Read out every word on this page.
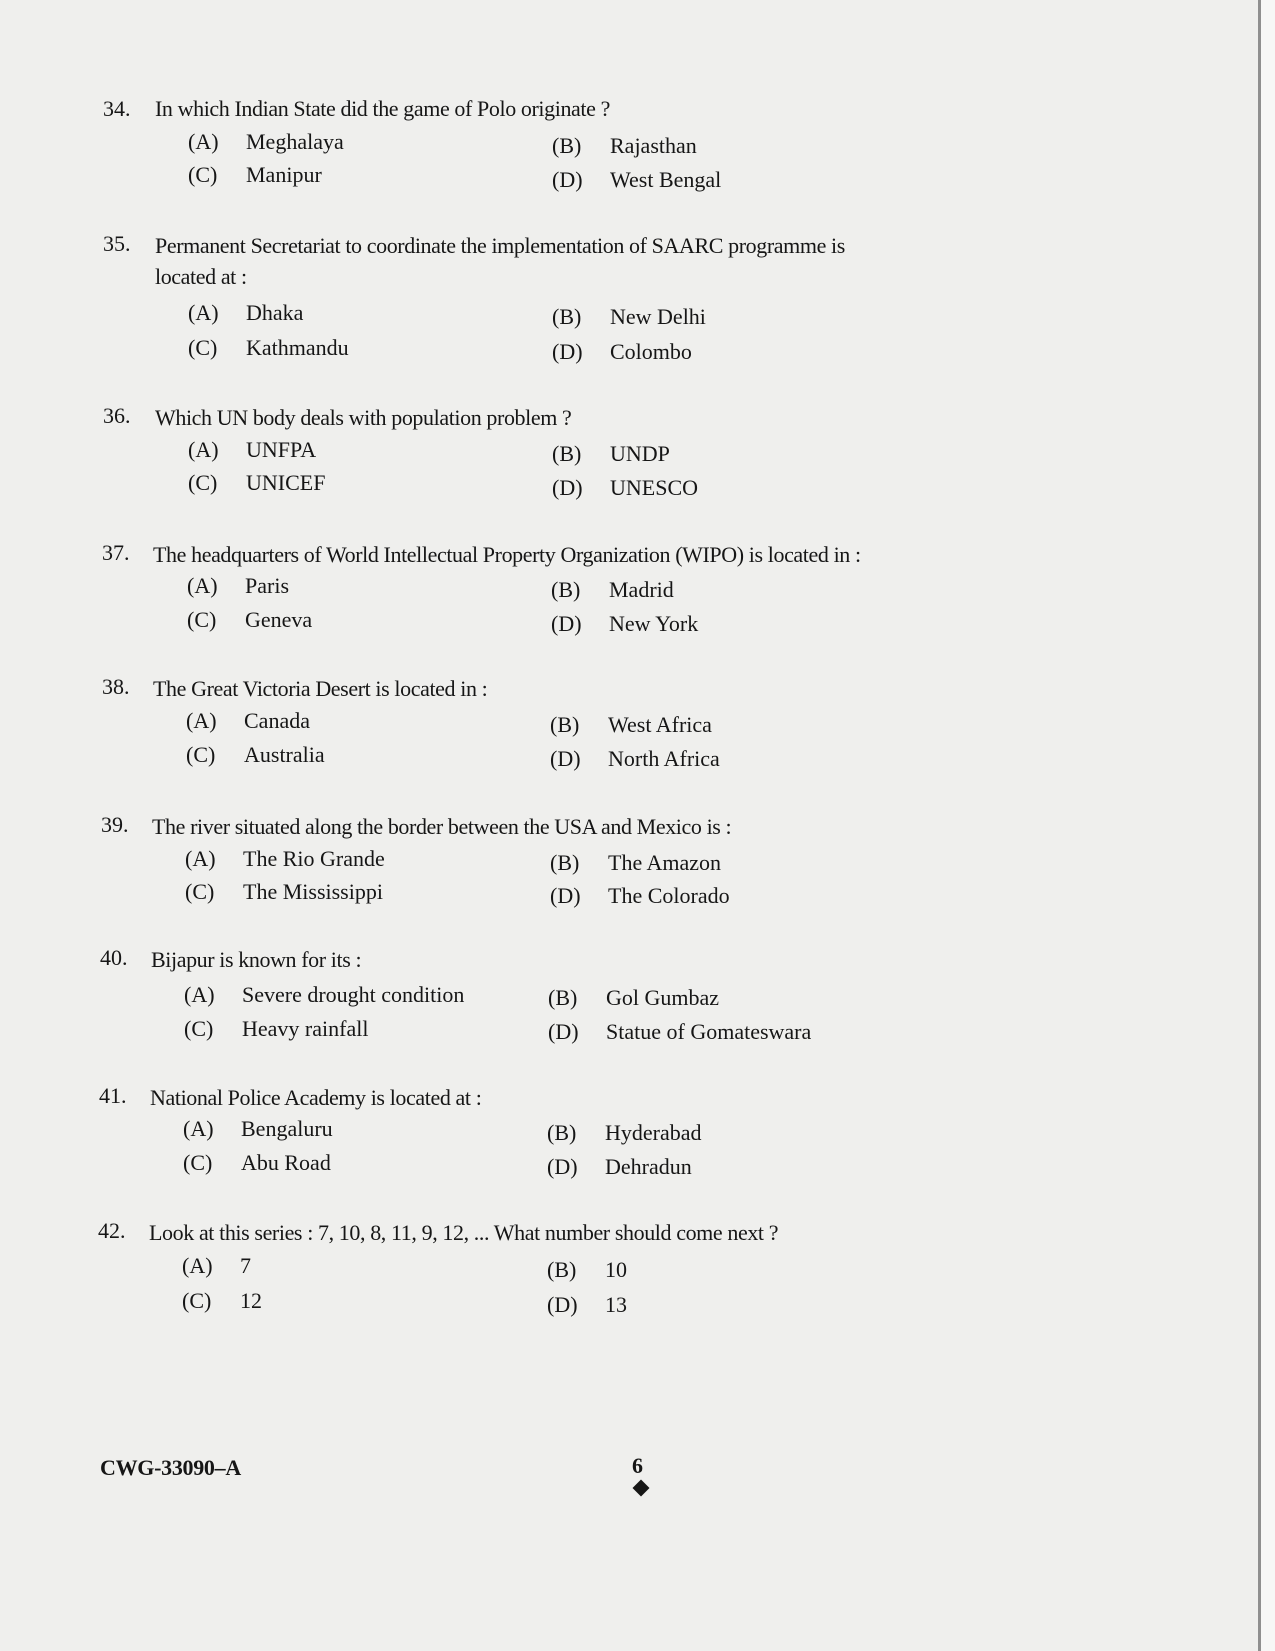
34. In which Indian State did the game of Polo originate ?
(A) Meghalaya	(B) Rajasthan
(C) Manipur	(D) West Bengal
35. Permanent Secretariat to coordinate the implementation of SAARC programme is
located at :
(A) Dhaka	(B) New Delhi
(C) Kathmandu	(D) Colombo
36. Which UN body deals with population problem ?
(A) UNFPA	(B) UNDP
(C) UNICEF	(D) UNESCO
37. The headquarters of World Intellectual Property Organization (WIPO) is located in :
(A) Paris	(B) Madrid
(C) Geneva	(D) New York
38. The Great Victoria Desert is located in :
(A) Canada	(B) West Africa
(C) Australia	(D) North Africa
39. The river situated along the border between the USA and Mexico is :
(A) The Rio Grande	(B) The Amazon
(C) The Mississippi	(D) The Colorado
40. Bijapur is known for its :
(A) Severe drought condition	(B) Gol Gumbaz
(C) Heavy rainfall	(D) Statue of Gomateswara
41. National Police Academy is located at :
(A) Bengaluru	(B) Hyderabad
(C) Abu Road	(D) Dehradun
42. Look at this series : 7, 10, 8, 11, 9, 12, ... What number should come next ?
(A) 7	(B) 10
(C) 12	(D) 13
CWG-33090–A	6
